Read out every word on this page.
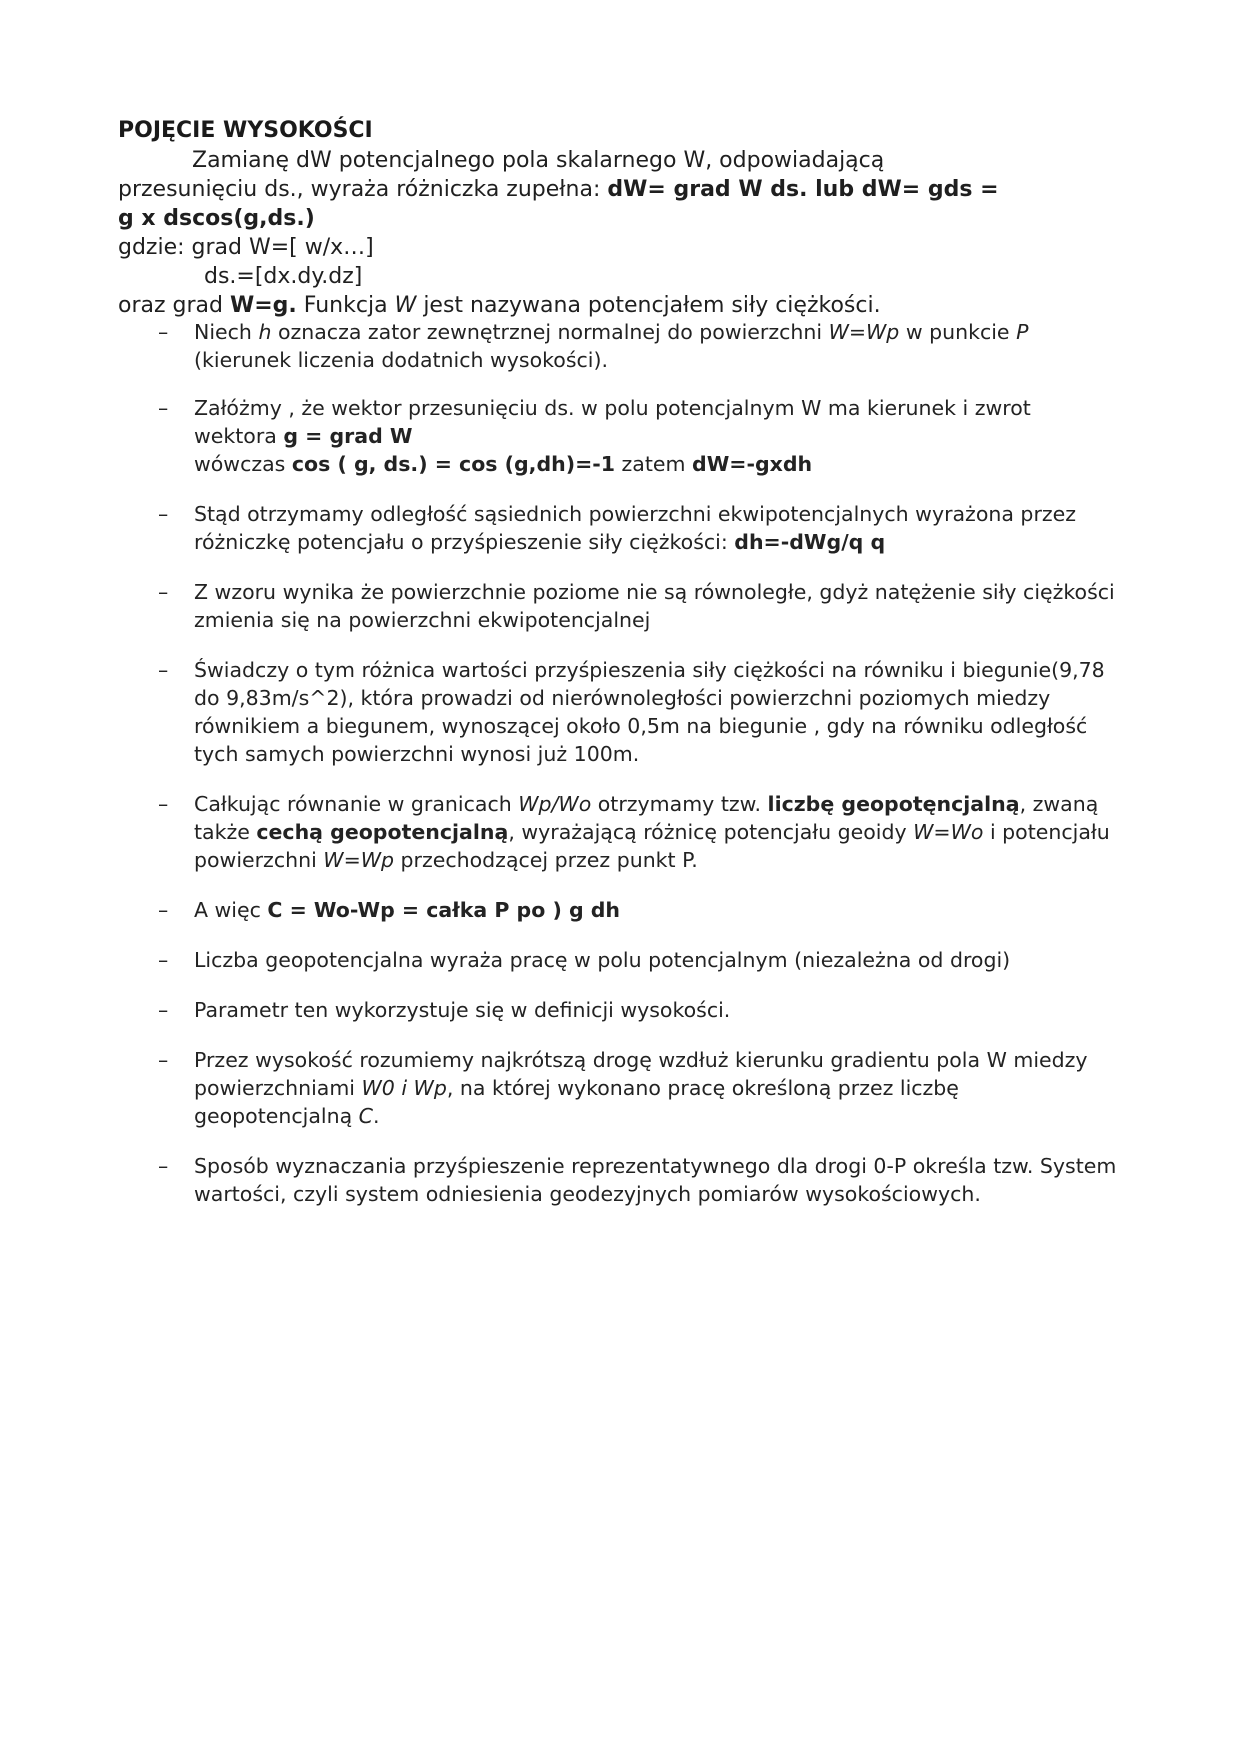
POJĘCIE WYSOKOŚCI

Zamianę dW potencjalnego pola skalarnego W, odpowiadającą

przesunięciu ds., wyraża różniczka zupełna: dW= grad W ds. lub dW= gds =

g x dscos(g,ds.)

gdzie: grad W=[ w/x…]

ds.=[dx.dy.dz]

oraz grad W=g. Funkcja W jest nazywana potencjałem siły ciężkości.

– Niech h oznacza zator zewnętrznej normalnej do powierzchni W=Wp w punkcie P (kierunek liczenia dodatnich wysokości).
– Załóżmy , że wektor przesunięciu ds. w polu potencjalnym W ma kierunek i zwrot wektora g = grad W
wówczas cos ( g, ds.) = cos (g,dh)=-1 zatem dW=-gxdh
– Stąd otrzymamy odległość sąsiednich powierzchni ekwipotencjalnych wyrażona przez różniczkę potencjału o przyśpieszenie siły ciężkości: dh=-dWg/q q
– Z wzoru wynika że powierzchnie poziome nie są równoległe, gdyż natężenie siły ciężkości zmienia się na powierzchni ekwipotencjalnej
– Świadczy o tym różnica wartości przyśpieszenia siły ciężkości na równiku i biegunie(9,78 do 9,83m/s^2), która prowadzi od nierównoległości powierzchni poziomych miedzy równikiem a biegunem, wynoszącej około 0,5m na biegunie , gdy na równiku odległość tych samych powierzchni wynosi już 100m.
– Całkując równanie w granicach Wp/Wo otrzymamy tzw. liczbę geopotęncjalną, zwaną także cechą geopotencjalną, wyrażającą różnicę potencjału geoidy W=Wo i potencjału powierzchni W=Wp przechodzącej przez punkt P.
– A więc C = Wo-Wp = całka P po ) g dh
– Liczba geopotencjalna wyraża pracę w polu potencjalnym (niezależna od drogi)
– Parametr ten wykorzystuje się w definicji wysokości.
– Przez wysokość rozumiemy najkrótszą drogę wzdłuż kierunku gradientu pola W miedzy powierzchniami W0 i Wp, na której wykonano pracę określoną przez liczbę geopotencjalną C.
– Sposób wyznaczania przyśpieszenie reprezentatywnego dla drogi 0-P określa tzw. System wartości, czyli system odniesienia geodezyjnych pomiarów wysokościowych.
